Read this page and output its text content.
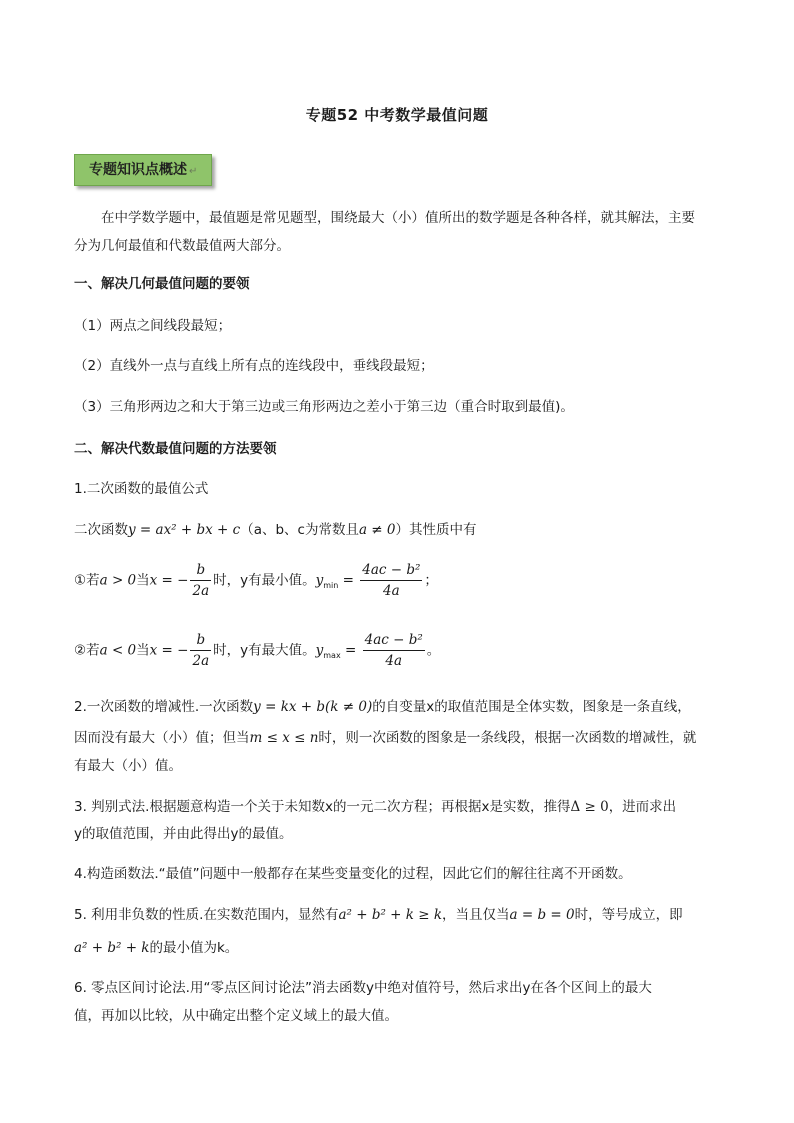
专题52 中考数学最值问题
专题知识点概述 ↵
在中学数学题中，最值题是常见题型，围绕最大（小）值所出的数学题是各种各样，就其解法，主要
分为几何最值和代数最值两大部分。
一、解决几何最值问题的要领
（1）两点之间线段最短；
（2）直线外一点与直线上所有点的连线段中，垂线段最短；
（3）三角形两边之和大于第三边或三角形两边之差小于第三边（重合时取到最值)。
二、解决代数最值问题的方法要领
1.二次函数的最值公式
二次函数y = ax² + bx + c（a、b、c为常数且a ≠ 0）其性质中有
①若a > 0当x = − $\frac{b}{2a}$ 时，y有最小值。$y_{min} = \frac{\text{4ac − b²}}{4a}$ ；
②若a < 0当x = − $\frac{b}{2a}$ 时，y有最大值。$y_{max} = \frac{\text{4ac − b²}}{4a}$ 。
2.一次函数的增减性.一次函数y = kx + b(k ≠ 0)的自变量x的取值范围是全体实数，图象是一条直线，
因而没有最大（小）值；但当m ≤ x ≤ n时，则一次函数的图象是一条线段，根据一次函数的增减性，就
有最大（小）值。
3. 判别式法.根据题意构造一个关于未知数x的一元二次方程；再根据x是实数，推得Δ ≥ 0，进而求出
y的取值范围，并由此得出y的最值。
4.构造函数法.“最值”问题中一般都存在某些变量变化的过程，因此它们的解往往离不开函数。
5. 利用非负数的性质.在实数范围内，显然有a² + b² + k ≥ k，当且仅当a = b = 0时，等号成立，即
a² + b² + k的最小值为k。
6. 零点区间讨论法.用“零点区间讨论法”消去函数y中绝对值符号，然后求出y在各个区间上的最大
值，再加以比较，从中确定出整个定义域上的最大值。
